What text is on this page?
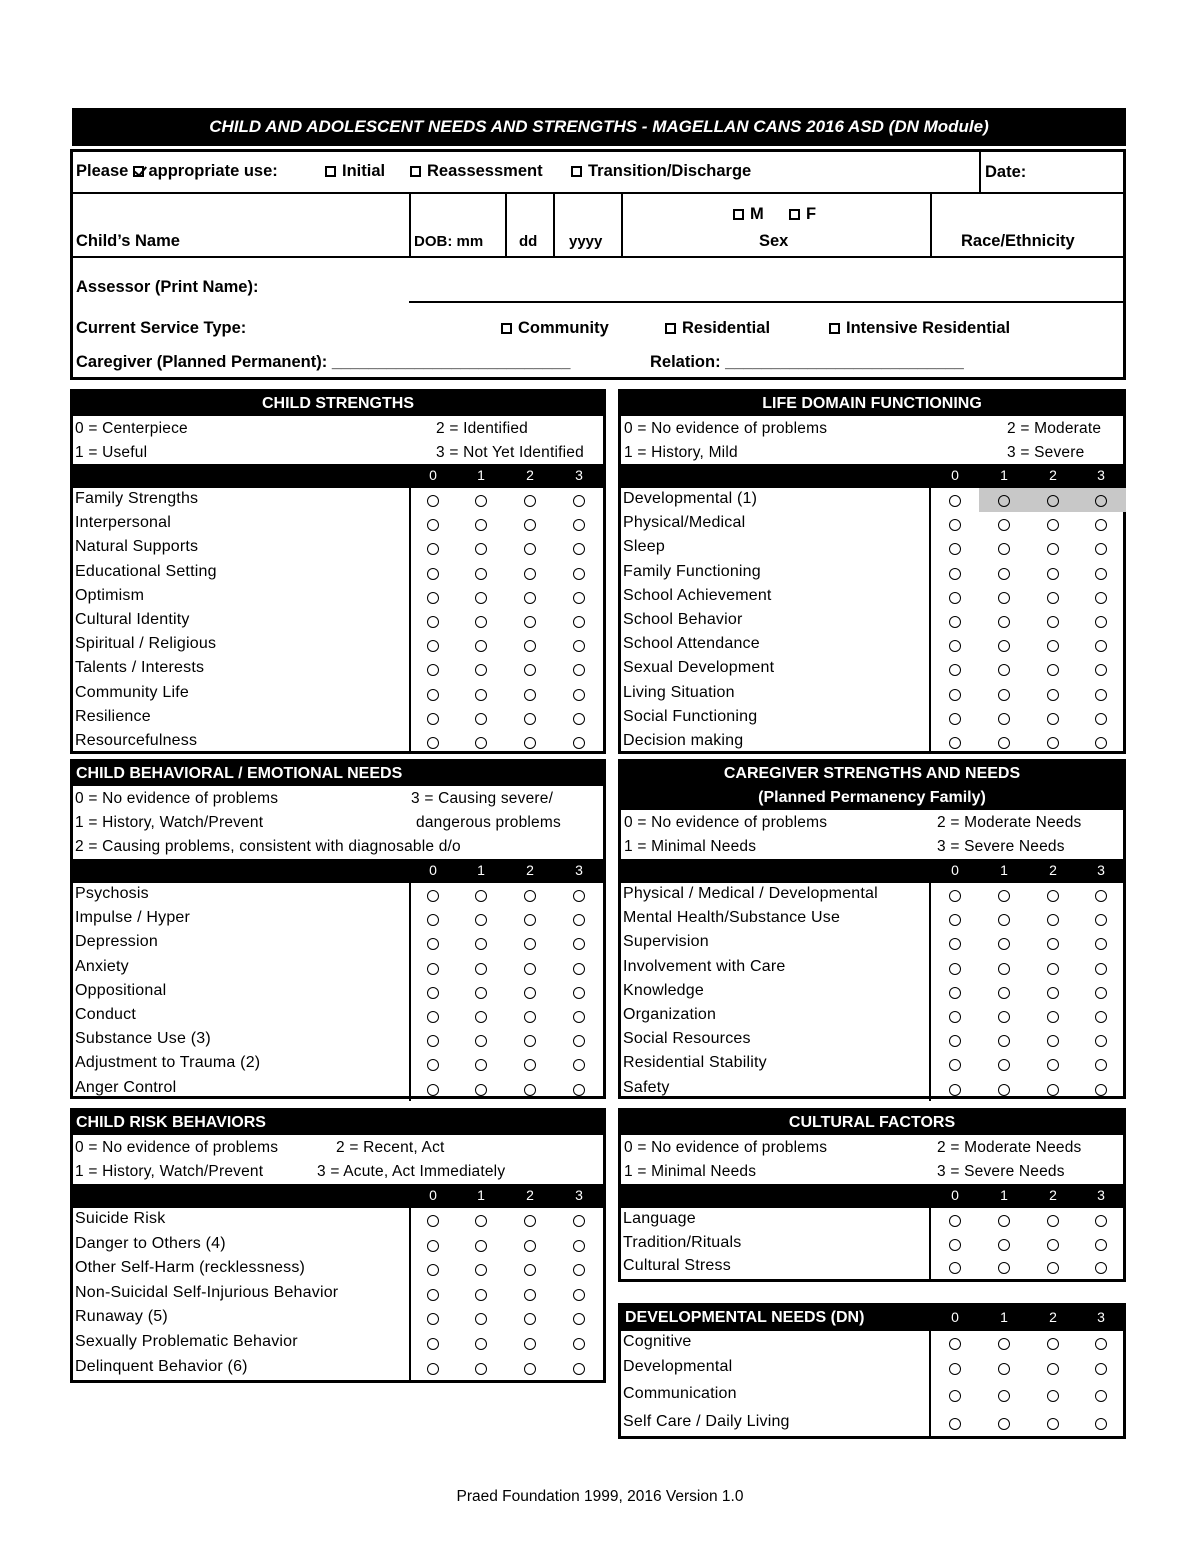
CHILD AND ADOLESCENT NEEDS AND STRENGTHS - MAGELLAN CANS 2016 ASD (DN Module)
Please  appropriate use:	Initial	Reassessment	Transition/Discharge	Date:
Child’s Name	DOB: mm dd yyyy
M	F
Sex	Race/Ethnicity
Assessor (Print Name):
Current Service Type:	Community	Residential	Intensive Residential
Caregiver (Planned Permanent): __________________________	Relation: __________________________
CHILD STRENGTHS
0 = Centerpiece	2 = Identified
1 = Useful	3 = Not Yet Identified
0	1	2	3
Family Strengths
Interpersonal
Natural Supports
Educational Setting
Optimism
Cultural Identity
Spiritual / Religious
Talents / Interests
Community Life
Resilience
Resourcefulness
LIFE DOMAIN FUNCTIONING
0 = No evidence of problems	2 = Moderate
1 = History, Mild	3 = Severe
0	1	2	3
Developmental (1)
Physical/Medical
Sleep
Family Functioning
School Achievement
School Behavior
School Attendance
Sexual Development
Living Situation
Social Functioning
Decision making
CHILD BEHAVIORAL / EMOTIONAL NEEDS
0 = No evidence of problems	3 = Causing severe/
1 = History, Watch/Prevent	dangerous problems
2 = Causing problems, consistent with diagnosable d/o
0	1	2	3
Psychosis
Impulse / Hyper
Depression
Anxiety
Oppositional
Conduct
Substance Use (3)
Adjustment to Trauma (2)
Anger Control
CAREGIVER STRENGTHS AND NEEDS
(Planned Permanency Family)
0 = No evidence of problems	2 = Moderate Needs
1 = Minimal Needs	3 = Severe Needs
0	1	2	3
Physical / Medical / Developmental
Mental Health/Substance Use
Supervision
Involvement with Care
Knowledge
Organization
Social Resources
Residential Stability
Safety
CHILD RISK BEHAVIORS
0 = No evidence of problems	2 = Recent, Act
1 = History, Watch/Prevent	3 = Acute, Act Immediately
0	1	2	3
Suicide Risk
Danger to Others (4)
Other Self-Harm (recklessness)
Non-Suicidal Self-Injurious Behavior
Runaway (5)
Sexually Problematic Behavior
Delinquent Behavior (6)
CULTURAL FACTORS
0 = No evidence of problems	2 = Moderate Needs
1 = Minimal Needs	3 = Severe Needs
0	1	2	3
Language
Tradition/Rituals
Cultural Stress
DEVELOPMENTAL NEEDS (DN)	0	1	2	3
Cognitive
Developmental
Communication
Self Care / Daily Living
Praed Foundation 1999, 2016 Version 1.0
